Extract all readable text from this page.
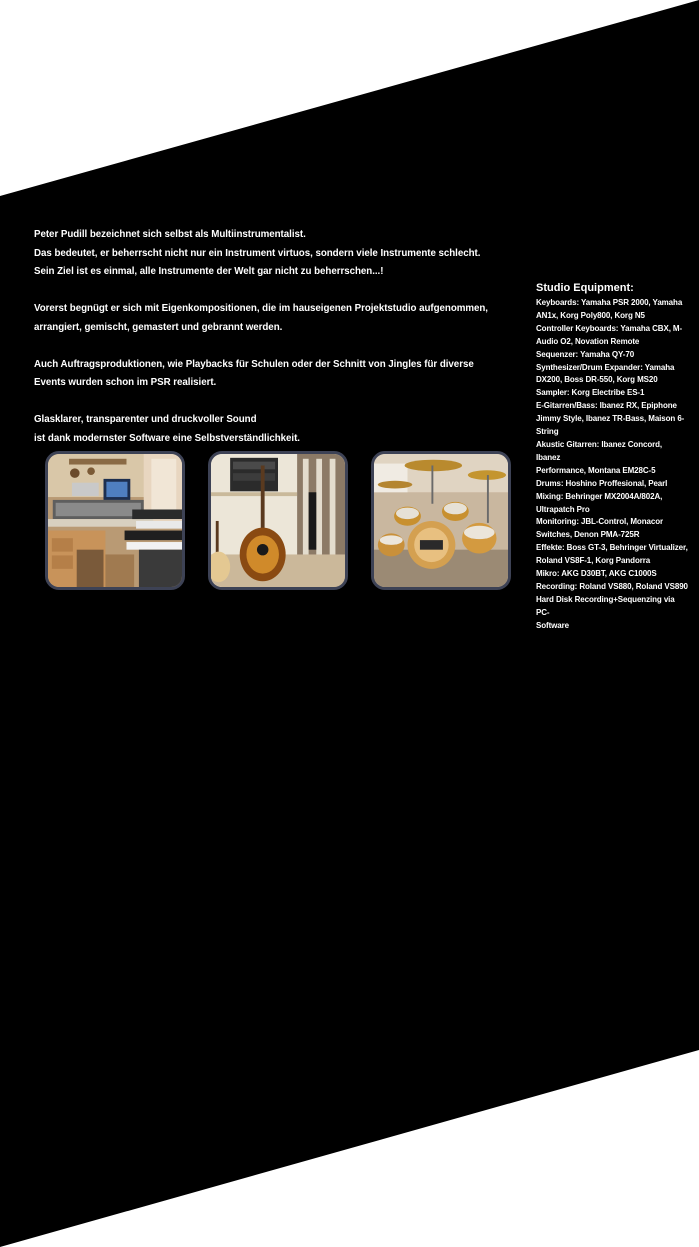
Peter Pudill bezeichnet sich selbst als Multiinstrumentalist.

Das bedeutet, er beherrscht nicht nur ein Instrument virtuos, sondern viele Instrumente schlecht.

Sein Ziel ist es einmal, alle Instrumente der Welt gar nicht zu beherrschen...!

Vorerst begnügt er sich mit Eigenkompositionen, die im hauseigenen Projektstudio aufgenommen,

arrangiert, gemischt, gemastert und gebrannt werden.

Auch Auftragsproduktionen, wie Playbacks für Schulen oder der Schnitt von Jingles für diverse

Events wurden schon im PSR realisiert.

Glasklarer, transparenter und druckvoller Sound

ist dank modernster Software eine Selbstverständlichkeit.

Studio Equipment:

Keyboards: Yamaha PSR 2000, Yamaha

AN1x, Korg Poly800, Korg N5

Controller Keyboards: Yamaha CBX, M-

Audio O2, Novation Remote

Sequenzer: Yamaha QY-70

Synthesizer/Drum Expander: Yamaha

DX200, Boss DR-550, Korg MS20

Sampler: Korg Electribe ES-1

E-Gitarren/Bass: Ibanez RX, Epiphone

Jimmy Style, Ibanez TR-Bass, Maison 6-

String

Akustic Gitarren: Ibanez Concord, Ibanez

Performance, Montana EM28C-5

Drums: Hoshino Proffesional, Pearl

Mixing: Behringer MX2004A/802A,

Ultrapatch Pro

Monitoring: JBL-Control, Monacor

Switches, Denon PMA-725R

Effekte: Boss GT-3, Behringer Virtualizer,

Roland VS8F-1, Korg Pandorra

Mikro: AKG D30BT, AKG C1000S

Recording: Roland VS880, Roland VS890

Hard Disk Recording+Sequenzing via PC-

Software
